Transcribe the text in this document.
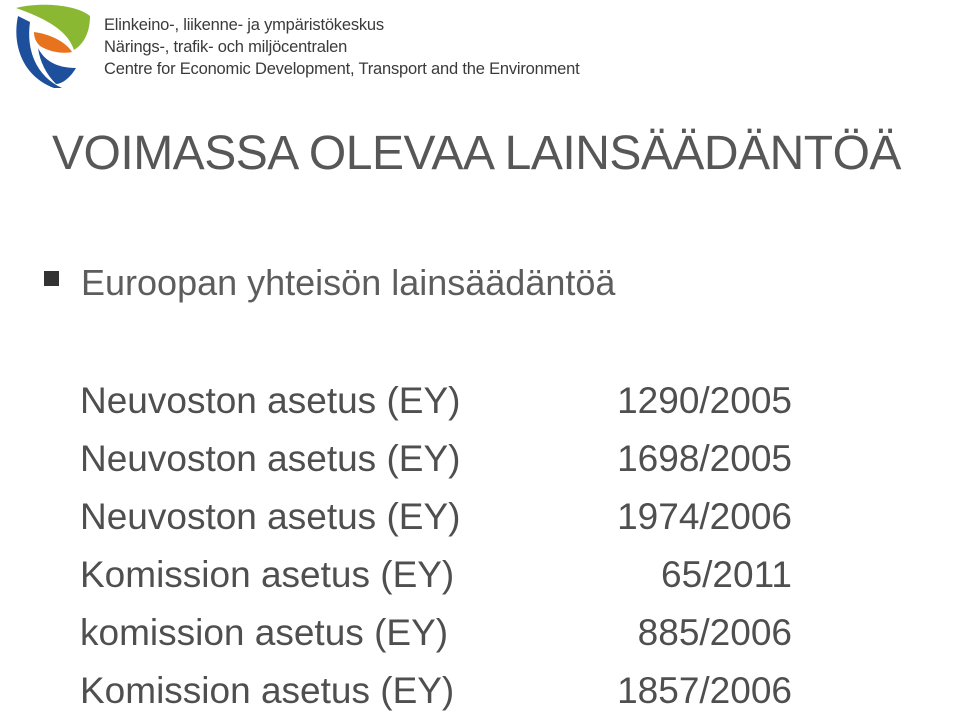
Elinkeino-, liikenne- ja ympäristökeskus
Närings-, trafik- och miljöcentralen
Centre for Economic Development, Transport and the Environment
VOIMASSA OLEVAA LAINSÄÄDÄNTÖÄ
Euroopan yhteisön lainsäädäntöä
Neuvoston asetus (EY)	1290/2005
Neuvoston asetus (EY)	1698/2005
Neuvoston asetus (EY)	1974/2006
Komission asetus (EY)	65/2011
komission asetus (EY)	885/2006
Komission asetus (EY)	1857/2006
